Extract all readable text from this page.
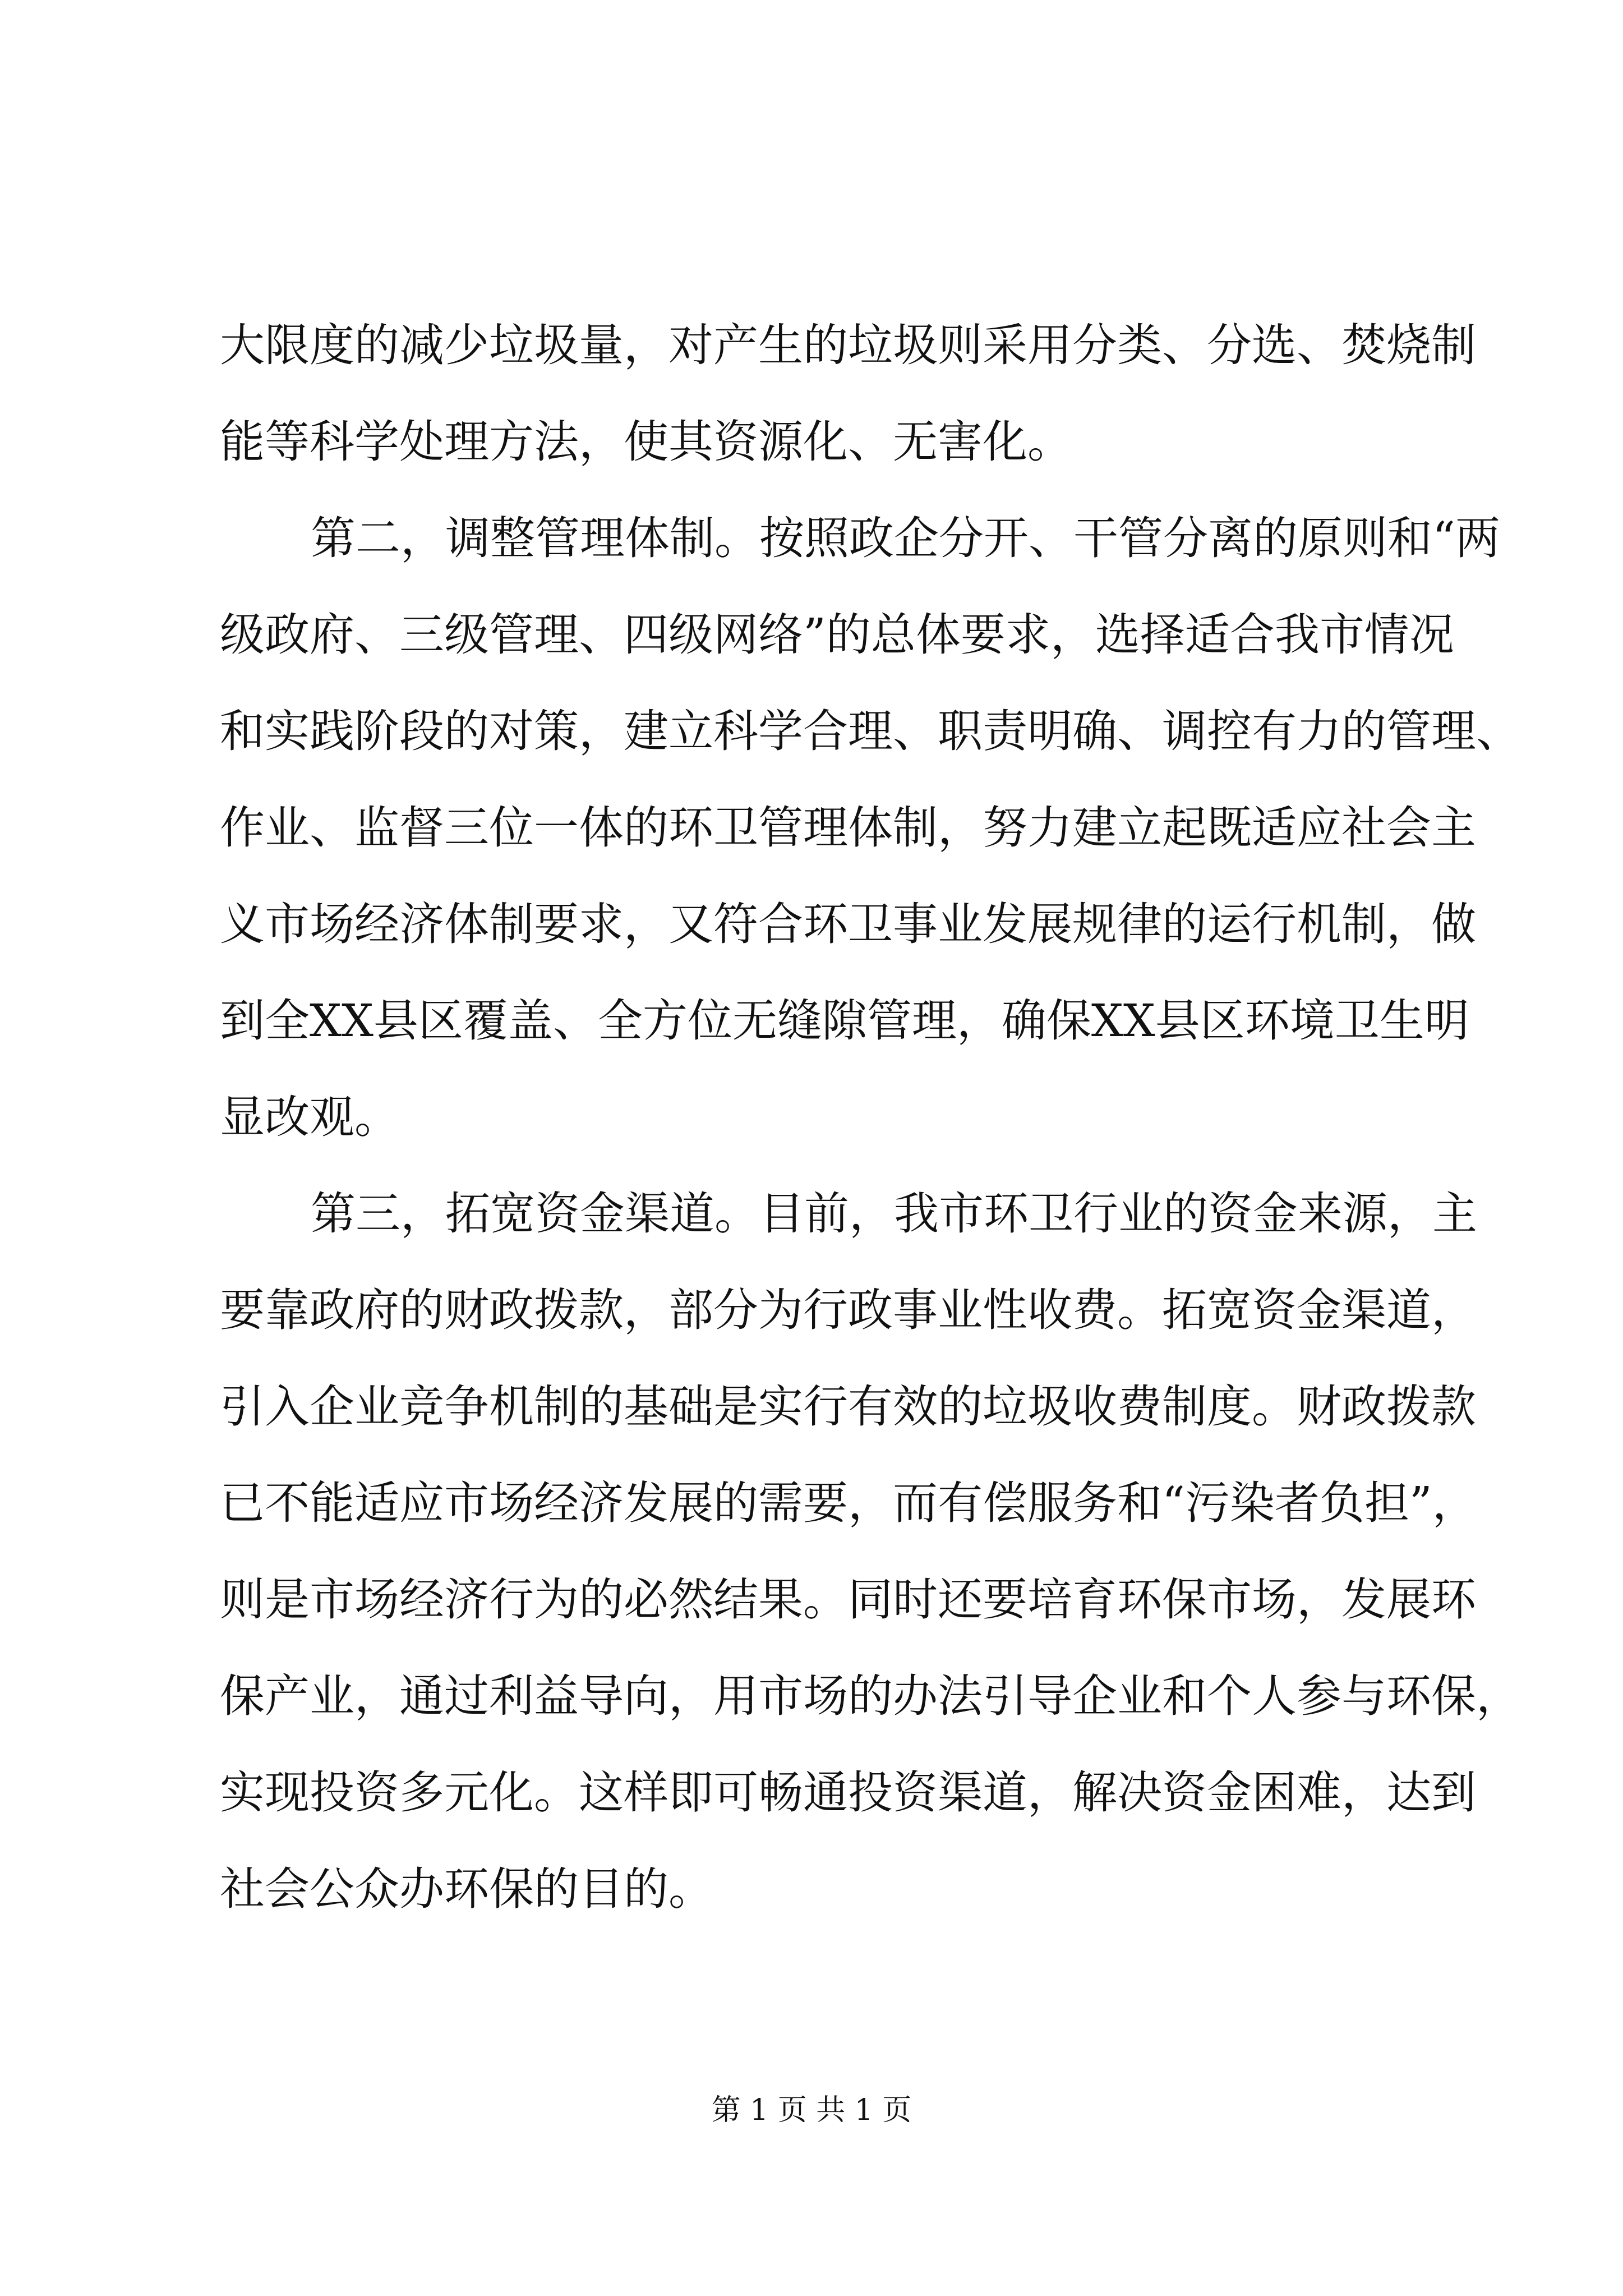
大限度的减少垃圾量，对产生的垃圾则采用分类、分选、焚烧制
能等科学处理方法，使其资源化、无害化。
第二，调整管理体制。按照政企分开、干管分离的原则和“两
级政府、三级管理、四级网络”的总体要求，选择适合我市情况
和实践阶段的对策，建立科学合理、职责明确、调控有力的管理、
作业、监督三位一体的环卫管理体制，努力建立起既适应社会主
义市场经济体制要求，又符合环卫事业发展规律的运行机制，做
到全XX县区覆盖、全方位无缝隙管理，确保XX县区环境卫生明
显改观。
第三，拓宽资金渠道。目前，我市环卫行业的资金来源，主
要靠政府的财政拨款，部分为行政事业性收费。拓宽资金渠道，
引入企业竞争机制的基础是实行有效的垃圾收费制度。财政拨款
已不能适应市场经济发展的需要，而有偿服务和“污染者负担”，
则是市场经济行为的必然结果。同时还要培育环保市场，发展环
保产业，通过利益导向，用市场的办法引导企业和个人参与环保，
实现投资多元化。这样即可畅通投资渠道，解决资金困难，达到
社会公众办环保的目的。
第 1 页 共 1 页
